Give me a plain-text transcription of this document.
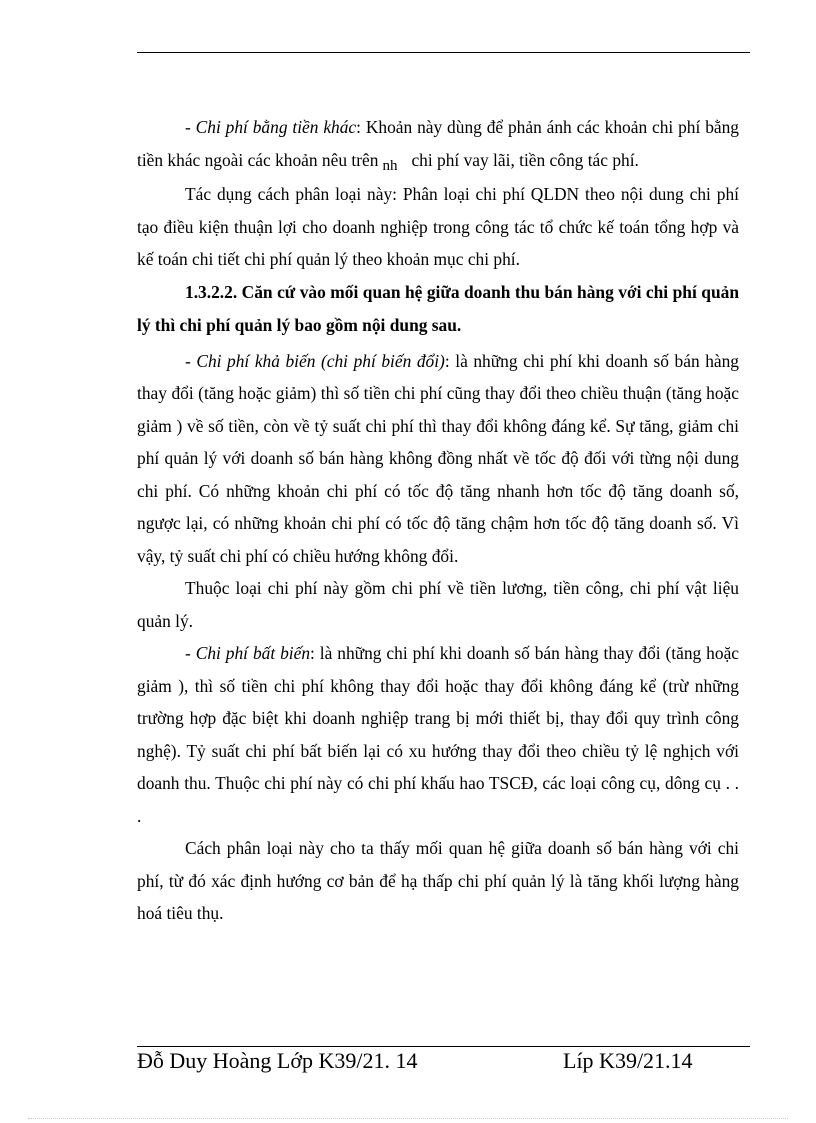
- Chi phí bằng tiền khác: Khoản này dùng để phản ánh các khoản chi phí bằng tiền khác ngoài các khoản nêu trên nh chi phí vay lãi, tiền công tác phí.

Tác dụng cách phân loại này: Phân loại chi phí QLDN theo nội dung chi phí tạo điều kiện thuận lợi cho doanh nghiệp trong công tác tổ chức kế toán tổng hợp và kế toán chi tiết chi phí quản lý theo khoản mục chi phí.

1.3.2.2. Căn cứ vào mối quan hệ giữa doanh thu bán hàng với chi phí quản lý thì chi phí quản lý bao gồm nội dung sau.

- Chi phí khả biến (chi phí biến đổi): là những chi phí khi doanh số bán hàng thay đổi (tăng hoặc giảm) thì số tiền chi phí cũng thay đổi theo chiều thuận (tăng hoặc giảm ) về số tiền, còn về tỷ suất chi phí thì thay đổi không đáng kể. Sự tăng, giảm chi phí quản lý với doanh số bán hàng không đồng nhất về tốc độ đối với từng nội dung chi phí. Có những khoản chi phí có tốc độ tăng nhanh hơn tốc độ tăng doanh số, ngược lại, có những khoản chi phí có tốc độ tăng chậm hơn tốc độ tăng doanh số. Vì vậy, tỷ suất chi phí có chiều hướng không đổi.

Thuộc loại chi phí này gồm chi phí về tiền lương, tiền công, chi phí vật liệu quản lý.

- Chi phí bất biến: là những chi phí khi doanh số bán hàng thay đổi (tăng hoặc giảm ), thì số tiền chi phí không thay đổi hoặc thay đổi không đáng kể (trừ những trường hợp đặc biệt khi doanh nghiệp trang bị mới thiết bị, thay đổi quy trình công nghệ). Tỷ suất chi phí bất biến lại có xu hướng thay đổi theo chiều tỷ lệ nghịch với doanh thu. Thuộc chi phí này có chi phí khấu hao TSCĐ, các loại công cụ, dông cụ . . .

Cách phân loại này cho ta thấy mối quan hệ giữa doanh số bán hàng với chi phí, từ đó xác định hướng cơ bản để hạ thấp chi phí quản lý là tăng khối lượng hàng hoá tiêu thụ.

Đỗ Duy Hoàng Lớp K39/21. 14	Líp K39/21.14
